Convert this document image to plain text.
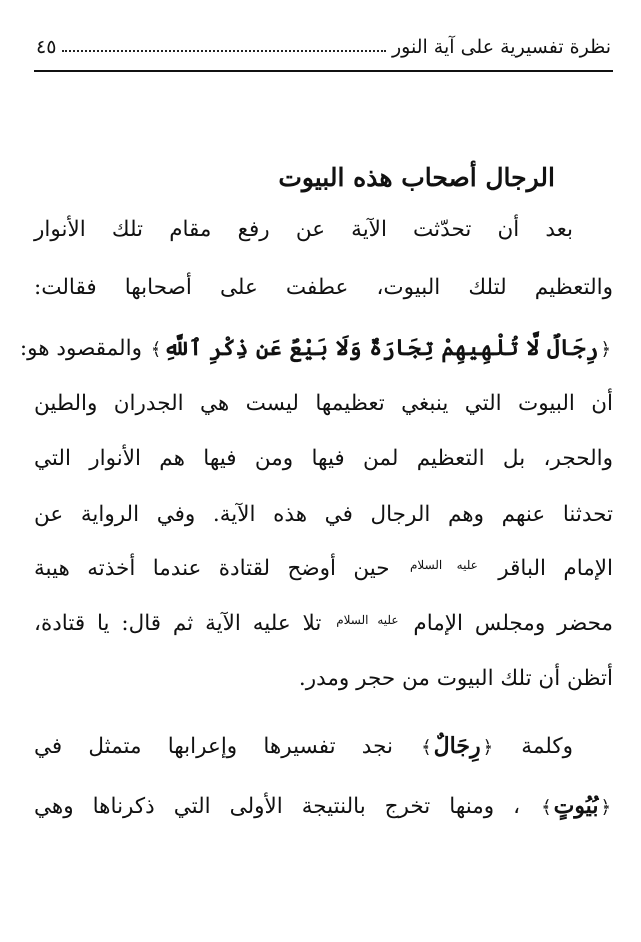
نظرة تفسيرية على آية النور
٤٥
الرجال أصحاب هذه البيوت
بعد أن تحدّثت الآية عن رفع مقام تلك الأنوار
والتعظيم لتلك البيوت، عطفت على أصحابها فقالت:
﴿رِجَالٌ لَّا تُلْهِيهِمْ تِجَارَةٌ وَلَا بَيْعٌ عَن ذِكْرِ ٱللَّهِ﴾ والمقصود هو:
أن البيوت التي ينبغي تعظيمها ليست هي الجدران والطين
والحجر، بل التعظيم لمن فيها ومن فيها هم الأنوار التي
تحدثنا عنهم وهم الرجال في هذه الآية. وفي الرواية عن
الإمام الباقر $^{عليه السلام}$ حين أوضح لقتادة عندما أخذته هيبة
محضر ومجلس الإمام $^{عليه السلام}$ تلا عليه الآية ثم قال: يا قتادة،
أتظن أن تلك البيوت من حجر ومدر.
وكلمة ﴿رِجَالٌ﴾ نجد تفسيرها وإعرابها متمثل في
﴿بُيُوتٍ﴾ ، ومنها تخرج بالنتيجة الأولى التي ذكرناها وهي
